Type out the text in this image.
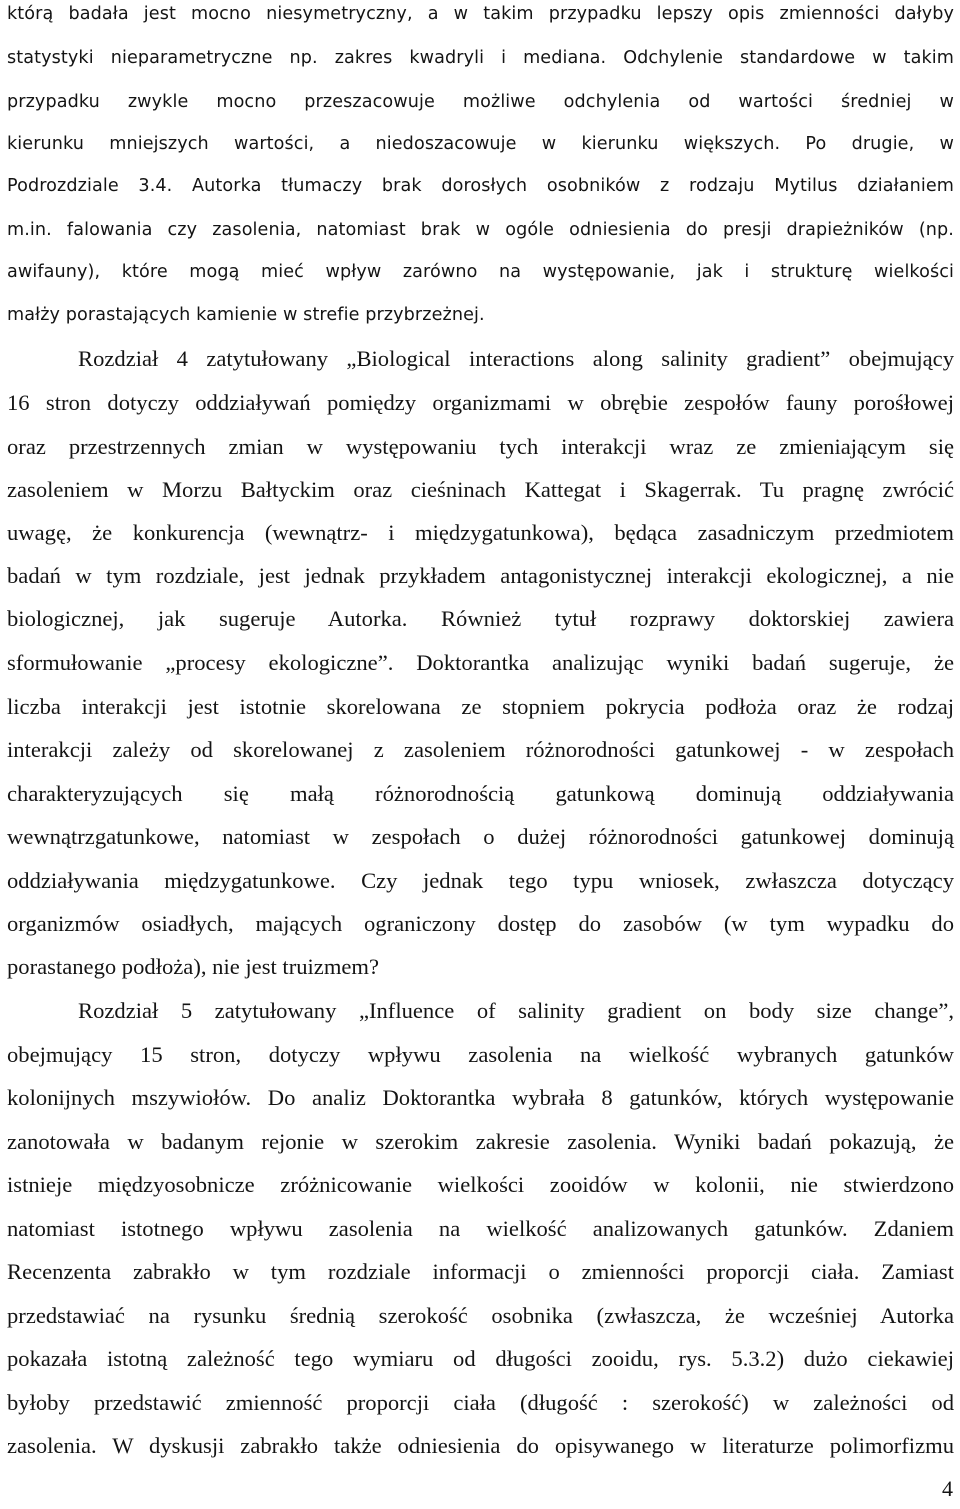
którą badała jest mocno niesymetryczny, a w takim przypadku lepszy opis zmienności dałyby
statystyki nieparametryczne np. zakres kwadryli i mediana. Odchylenie standardowe w takim
przypadku zwykle mocno przeszacowuje możliwe odchylenia od wartości średniej w
kierunku mniejszych wartości, a niedoszacowuje w kierunku większych. Po drugie, w
Podrozdziale 3.4. Autorka tłumaczy brak dorosłych osobników z rodzaju Mytilus działaniem
m.in. falowania czy zasolenia, natomiast brak w ogóle odniesienia do presji drapieżników (np.
awifauny), które mogą mieć wpływ zarówno na występowanie, jak i strukturę wielkości
małży porastających kamienie w strefie przybrzeżnej.
Rozdział 4 zatytułowany „Biological interactions along salinity gradient” obejmujący
16 stron dotyczy oddziaływań pomiędzy organizmami w obrębie zespołów fauny porośłowej
oraz przestrzennych zmian w występowaniu tych interakcji wraz ze zmieniającym się
zasoleniem w Morzu Bałtyckim oraz cieśninach Kattegat i Skagerrak. Tu pragnę zwrócić
uwagę, że konkurencja (wewnątrz- i międzygatunkowa), będąca zasadniczym przedmiotem
badań w tym rozdziale, jest jednak przykładem antagonistycznej interakcji ekologicznej, a nie
biologicznej, jak sugeruje Autorka. Również tytuł rozprawy doktorskiej zawiera
sformułowanie „procesy ekologiczne”. Doktorantka analizując wyniki badań sugeruje, że
liczba interakcji jest istotnie skorelowana ze stopniem pokrycia podłoża oraz że rodzaj
interakcji zależy od skorelowanej z zasoleniem różnorodności gatunkowej - w zespołach
charakteryzujących się małą różnorodnością gatunkową dominują oddziaływania
wewnątrzgatunkowe, natomiast w zespołach o dużej różnorodności gatunkowej dominują
oddziaływania międzygatunkowe. Czy jednak tego typu wniosek, zwłaszcza dotyczący
organizmów osiadłych, mających ograniczony dostęp do zasobów (w tym wypadku do
porastanego podłoża), nie jest truizmem?
Rozdział 5 zatytułowany „Influence of salinity gradient on body size change”,
obejmujący 15 stron, dotyczy wpływu zasolenia na wielkość wybranych gatunków
kolonijnych mszywiołów. Do analiz Doktorantka wybrała 8 gatunków, których występowanie
zanotowała w badanym rejonie w szerokim zakresie zasolenia. Wyniki badań pokazują, że
istnieje międzyosobnicze zróżnicowanie wielkości zooidów w kolonii, nie stwierdzono
natomiast istotnego wpływu zasolenia na wielkość analizowanych gatunków. Zdaniem
Recenzenta zabrakło w tym rozdziale informacji o zmienności proporcji ciała. Zamiast
przedstawiać na rysunku średnią szerokość osobnika (zwłaszcza, że wcześniej Autorka
pokazała istotną zależność tego wymiaru od długości zooidu, rys. 5.3.2) dużo ciekawiej
byłoby przedstawić zmienność proporcji ciała (długość : szerokość) w zależności od
zasolenia. W dyskusji zabrakło także odniesienia do opisywanego w literaturze polimorfizmu
4
